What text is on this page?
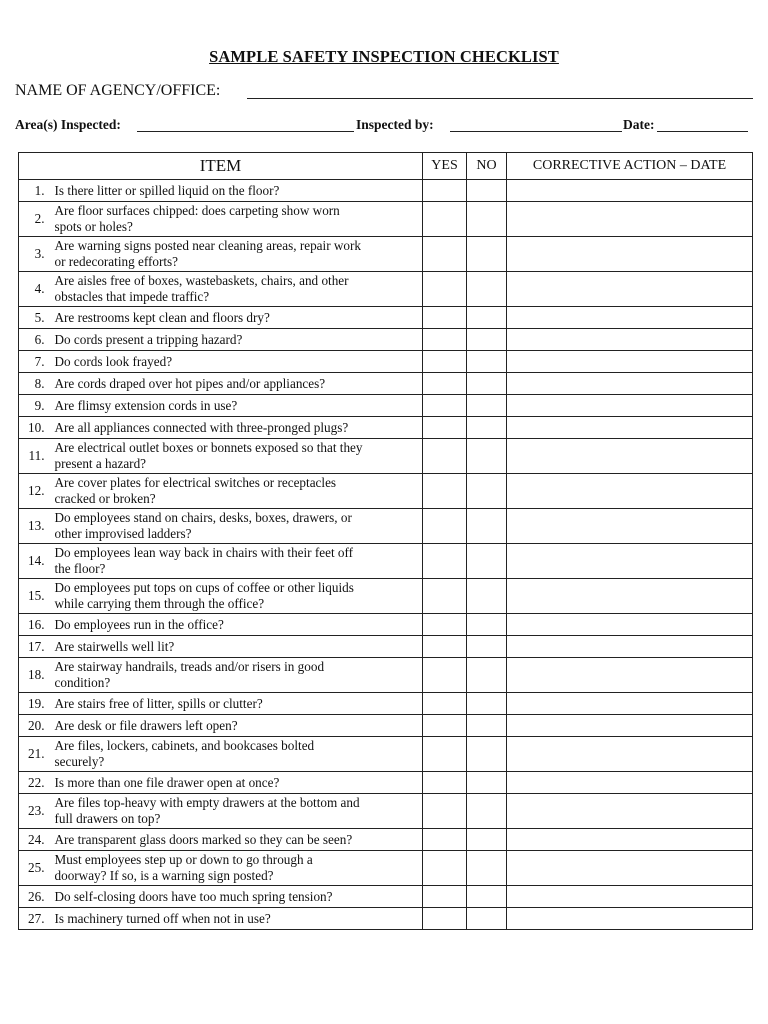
SAMPLE SAFETY INSPECTION CHECKLIST
NAME OF AGENCY/OFFICE:
Area(s) Inspected:	Inspected by:	Date:
ITEM		YES	NO	CORRECTIVE ACTION – DATE
1.	Is there litter or spilled liquid on the floor?			

2.	Are floor surfaces chipped: does carpeting show worn
spots or holes?			

3.	Are warning signs posted near cleaning areas, repair work
or redecorating efforts?			

4.	Are aisles free of boxes, wastebaskets, chairs, and other
obstacles that impede traffic?			

5.	Are restrooms kept clean and floors dry?			

6.	Do cords present a tripping hazard?			

7.	Do cords look frayed?			

8.	Are cords draped over hot pipes and/or appliances?			

9.	Are flimsy extension cords in use?			

10.	Are all appliances connected with three-pronged plugs?			

11.	Are electrical outlet boxes or bonnets exposed so that they
present a hazard?			

12.	Are cover plates for electrical switches or receptacles
cracked or broken?			

13.	Do employees stand on chairs, desks, boxes, drawers, or
other improvised ladders?			

14.	Do employees lean way back in chairs with their feet off
the floor?			

15.	Do employees put tops on cups of coffee or other liquids
while carrying them through the office?			

16.	Do employees run in the office?			

17.	Are stairwells well lit?			

18.	Are stairway handrails, treads and/or risers in good
condition?			

19.	Are stairs free of litter, spills or clutter?			

20.	Are desk or file drawers left open?			

21.	Are files, lockers, cabinets, and bookcases bolted
securely?			

22.	Is more than one file drawer open at once?			

23.	Are files top-heavy with empty drawers at the bottom and
full drawers on top?			

24.	Are transparent glass doors marked so they can be seen?			

25.	Must employees step up or down to go through a
doorway? If so, is a warning sign posted?			

26.	Do self-closing doors have too much spring tension?			

27.	Is machinery turned off when not in use?			
